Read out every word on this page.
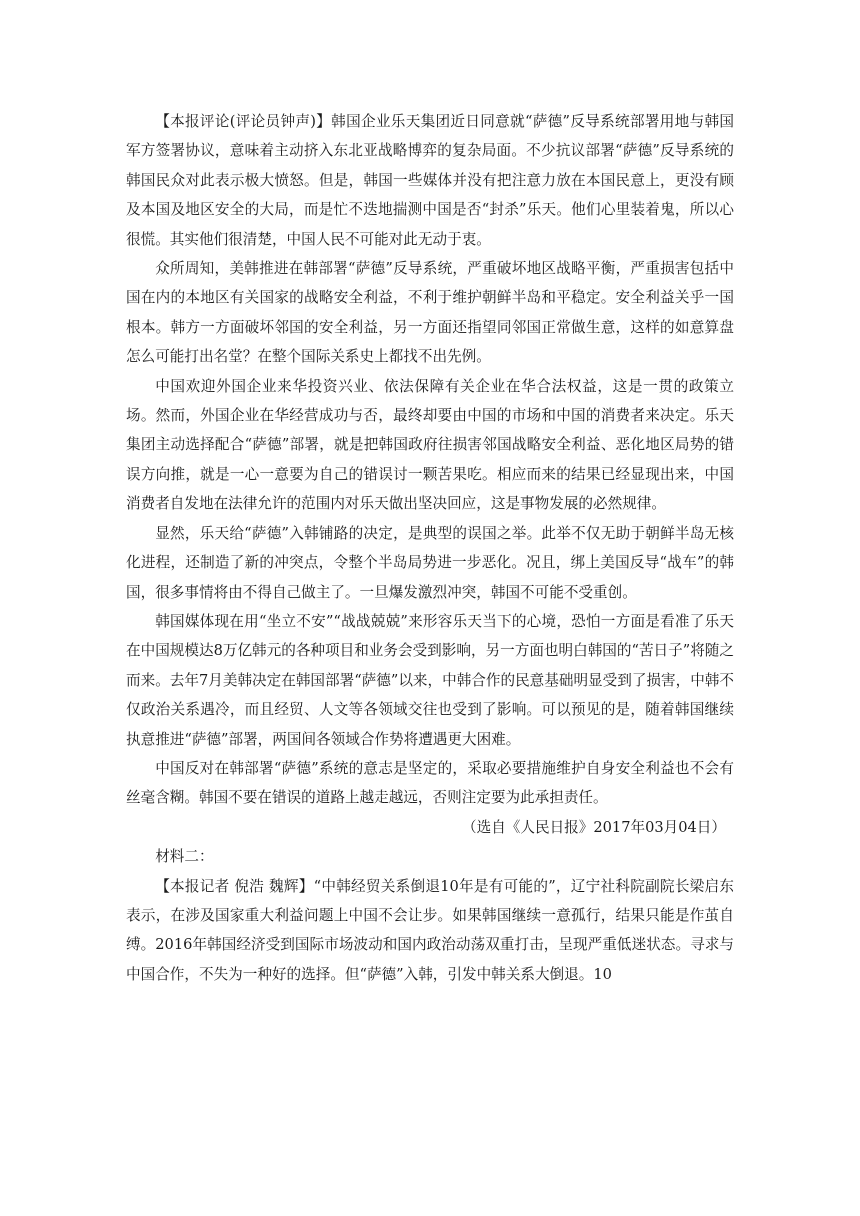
【本报评论(评论员钟声)】韩国企业乐天集团近日同意就“萨德”反导系统部署用地与韩国军方签署协议，意味着主动挤入东北亚战略博弈的复杂局面。不少抗议部署“萨德”反导系统的韩国民众对此表示极大愤怒。但是，韩国一些媒体并没有把注意力放在本国民意上，更没有顾及本国及地区安全的大局，而是忙不迭地揣测中国是否“封杀”乐天。他们心里装着鬼，所以心很慌。其实他们很清楚，中国人民不可能对此无动于衷。

众所周知，美韩推进在韩部署“萨德”反导系统，严重破坏地区战略平衡，严重损害包括中国在内的本地区有关国家的战略安全利益，不利于维护朝鲜半岛和平稳定。安全利益关乎一国根本。韩方一方面破坏邻国的安全利益，另一方面还指望同邻国正常做生意，这样的如意算盘怎么可能打出名堂？在整个国际关系史上都找不出先例。

中国欢迎外国企业来华投资兴业、依法保障有关企业在华合法权益，这是一贯的政策立场。然而，外国企业在华经营成功与否，最终却要由中国的市场和中国的消费者来决定。乐天集团主动选择配合“萨德”部署，就是把韩国政府往损害邻国战略安全利益、恶化地区局势的错误方向推，就是一心一意要为自己的错误讨一颗苦果吃。相应而来的结果已经显现出来，中国消费者自发地在法律允许的范围内对乐天做出坚决回应，这是事物发展的必然规律。

显然，乐天给“萨德”入韩铺路的决定，是典型的误国之举。此举不仅无助于朝鲜半岛无核化进程，还制造了新的冲突点，令整个半岛局势进一步恶化。况且，绑上美国反导“战车”的韩国，很多事情将由不得自己做主了。一旦爆发激烈冲突，韩国不可能不受重创。

韩国媒体现在用“坐立不安”“战战兢兢”来形容乐天当下的心境，恐怕一方面是看准了乐天在中国规模达8万亿韩元的各种项目和业务会受到影响，另一方面也明白韩国的“苦日子”将随之而来。去年7月美韩决定在韩国部署“萨德”以来，中韩合作的民意基础明显受到了损害，中韩不仅政治关系遇冷，而且经贸、人文等各领域交往也受到了影响。可以预见的是，随着韩国继续执意推进“萨德”部署，两国间各领域合作势将遭遇更大困难。

中国反对在韩部署“萨德”系统的意志是坚定的，采取必要措施维护自身安全利益也不会有丝毫含糊。韩国不要在错误的道路上越走越远，否则注定要为此承担责任。

（选自《人民日报》2017年03月04日）

材料二：

【本报记者 倪浩 魏辉】“中韩经贸关系倒退10年是有可能的”，辽宁社科院副院长梁启东表示，在涉及国家重大利益问题上中国不会让步。如果韩国继续一意孤行，结果只能是作茧自缚。2016年韩国经济受到国际市场波动和国内政治动荡双重打击，呈现严重低迷状态。寻求与中国合作，不失为一种好的选择。但“萨德”入韩，引发中韩关系大倒退。10
